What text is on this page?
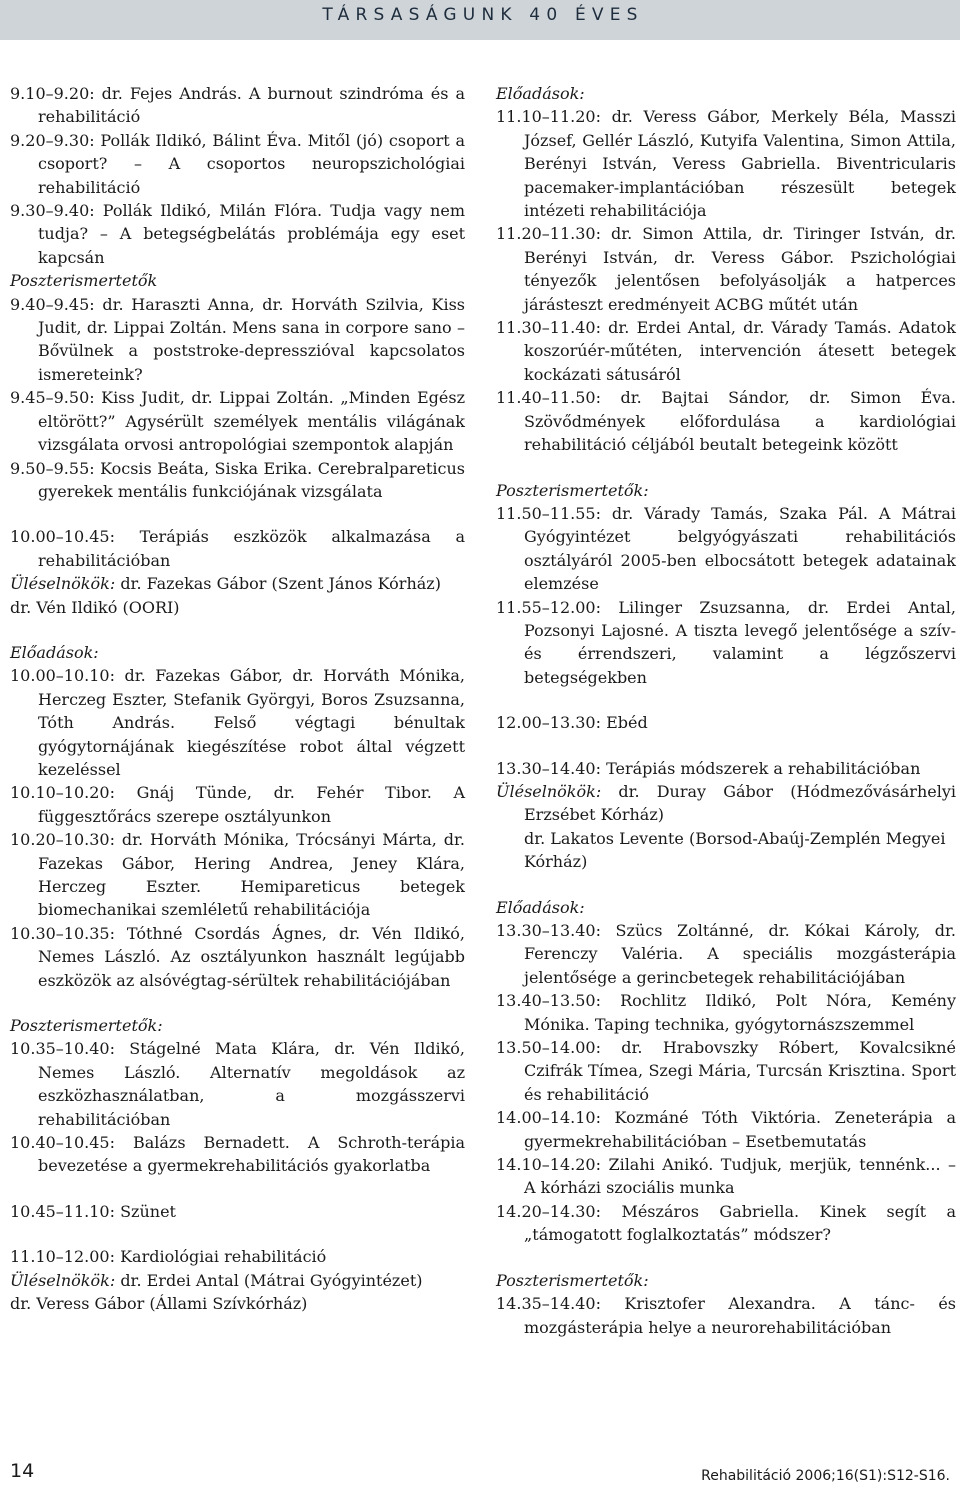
TÁRSASÁGUNK 40 ÉVES

9.10–9.20: dr. Fejes András. A burnout szindróma és a rehabilitáció

9.20–9.30: Pollák Ildikó, Bálint Éva. Mitől (jó) csoport a csoport? – A csoportos neuropszichológiai rehabilitáció

9.30–9.40: Pollák Ildikó, Milán Flóra. Tudja vagy nem tudja? – A betegségbelátás problémája egy eset kapcsán

Poszterismertetők

9.40–9.45: dr. Haraszti Anna, dr. Horváth Szilvia, Kiss Judit, dr. Lippai Zoltán. Mens sana in corpore sano – Bővülnek a poststroke-depresszióval kapcsolatos ismereteink?

9.45–9.50: Kiss Judit, dr. Lippai Zoltán. „Minden Egész eltörött?” Agysérült személyek mentális világának vizsgálata orvosi antropológiai szempontok alapján

9.50–9.55: Kocsis Beáta, Siska Erika. Cerebralpareticus gyerekek mentális funkciójának vizsgálata

10.00–10.45: Terápiás eszközök alkalmazása a rehabilitációban

Üléselnökök: dr. Fazekas Gábor (Szent János Kórház)

dr. Vén Ildikó (OORI)

Előadások:

10.00–10.10: dr. Fazekas Gábor, dr. Horváth Mónika, Herczeg Eszter, Stefanik Györgyi, Boros Zsuzsanna, Tóth András. Felső végtagi bénultak gyógytornájának kiegészítése robot által végzett kezeléssel

10.10–10.20: Gnáj Tünde, dr. Fehér Tibor. A függesztőrács szerepe osztályunkon

10.20–10.30: dr. Horváth Mónika, Trócsányi Márta, dr. Fazekas Gábor, Hering Andrea, Jeney Klára, Herczeg Eszter. Hemipareticus betegek biomechanikai szemléletű rehabilitációja

10.30–10.35: Tóthné Csordás Ágnes, dr. Vén Ildikó, Nemes László. Az osztályunkon használt legújabb eszközök az alsóvégtag-sérültek rehabilitációjában

Poszterismertetők:

10.35–10.40: Stágelné Mata Klára, dr. Vén Ildikó, Nemes László. Alternatív megoldások az eszközhasználatban, a mozgásszervi rehabilitációban

10.40–10.45: Balázs Bernadett. A Schroth-terápia bevezetése a gyermekrehabilitációs gyakorlatba

10.45–11.10: Szünet

11.10–12.00: Kardiológiai rehabilitáció

Üléselnökök: dr. Erdei Antal (Mátrai Gyógyintézet)

dr. Veress Gábor (Állami Szívkórház)

Előadások:

11.10–11.20: dr. Veress Gábor, Merkely Béla, Masszi József, Gellér László, Kutyifa Valentina, Simon Attila, Berényi István, Veress Gabriella. Biventricularis pacemaker-implantációban részesült betegek intézeti rehabilitációja

11.20–11.30: dr. Simon Attila, dr. Tiringer István, dr. Berényi István, dr. Veress Gábor. Pszichológiai tényezők jelentősen befolyásolják a hatperces járásteszt eredményeit ACBG műtét után

11.30–11.40: dr. Erdei Antal, dr. Várady Tamás. Adatok koszorúér-műtéten, intervención átesett betegek kockázati sátusáról

11.40–11.50: dr. Bajtai Sándor, dr. Simon Éva. Szövődmények előfordulása a kardiológiai rehabilitáció céljából beutalt betegeink között

Poszterismertetők:

11.50–11.55: dr. Várady Tamás, Szaka Pál. A Mátrai Gyógyintézet belgyógyászati rehabilitációs osztályáról 2005-ben elbocsátott betegek adatainak elemzése

11.55–12.00: Lilinger Zsuzsanna, dr. Erdei Antal, Pozsonyi Lajosné. A tiszta levegő jelentősége a szív- és érrendszeri, valamint a légzőszervi betegségekben

12.00–13.30: Ebéd

13.30–14.40: Terápiás módszerek a rehabilitációban

Üléselnökök: dr. Duray Gábor (Hódmezővásárhelyi Erzsébet Kórház)

dr. Lakatos Levente (Borsod-Abaúj-Zemplén Megyei Kórház)

Előadások:

13.30–13.40: Szücs Zoltánné, dr. Kókai Károly, dr. Ferenczy Valéria. A speciális mozgásterápia jelentősége a gerincbetegek rehabilitációjában

13.40–13.50: Rochlitz Ildikó, Polt Nóra, Kemény Mónika. Taping technika, gyógytornászszemmel

13.50–14.00: dr. Hrabovszky Róbert, Kovalcsikné Czifrák Tímea, Szegi Mária, Turcsán Krisztina. Sport és rehabilitáció

14.00–14.10: Kozmáné Tóth Viktória. Zeneterápia a gyermekrehabilitációban – Esetbemutatás

14.10–14.20: Zilahi Anikó. Tudjuk, merjük, tennénk... – A kórházi szociális munka

14.20–14.30: Mészáros Gabriella. Kinek segít a „támogatott foglalkoztatás” módszer?

Poszterismertetők:

14.35–14.40: Krisztofer Alexandra. A tánc- és mozgásterápia helye a neurorehabilitációban

14	Rehabilitáció 2006;16(S1):S12-S16.
